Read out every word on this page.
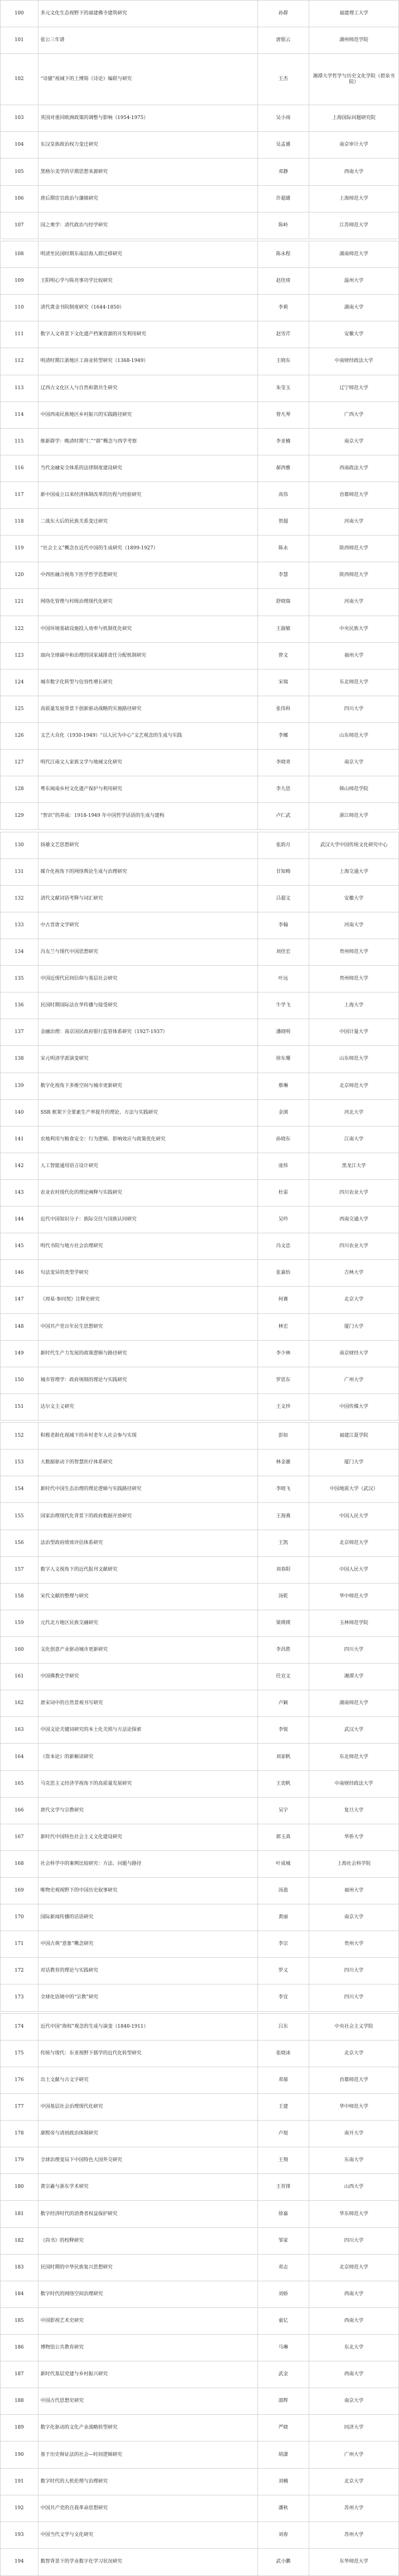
100	多元文化生态视野下的福建佛寺建筑研究	孙群	福建理工大学
101	张公三年谱	唐银云	湖州师范学院
102	“诗骚”视域下的上博简《诗论》编联与研究	王杰	湘潭大学哲学与历史文化学院（碧泉书院）
103	英国对重回欧洲政策的调整与影响（1954-1975）	吴小雨	上海国际问题研究院
104	东汉皇族政治权力变迁研究	吴孟雄	南京审计大学
105	黑格尔美学的早期思想来源研究	邓静	西南大学
106	唐后期宦官政治与藩镇研究	许超雄	上海师范大学
107	国之奥学：清代政治与经学研究	陈岭	江苏师范大学

108	明清至民国时期东南沿海人群迁移研究	陈永程	湖南师范大学
109	王阳明心学与陈亮事功学比较研究	赵佳琦	温州大学
110	清代黄金书院制度研究（1644-1850）	李莉	湖南大学
111	数字人文背景下文化遗产档案资源的开发利用研究	赵雪芹	安徽大学
112	明清时期江浙地区工商业转型研究（1368-1949）	王晓东	中南财经政法大学
113	辽西古文化区人与自然和谐共生研究	朱莹玉	辽宁师范大学
114	中国西南民族地区乡村振兴的实践路径研究	曾凡琴	广西大学
115	维新群学：晚清时期“仁”“群”概念与西学考察	李亚楠	南京大学
116	当代金融安全体系的法律制度建设研究	郝西雅	西南政法大学
117	新中国成立以来经济体制改革的历程与经验研究	高伟	首都师范大学
118	二战东大后的民族关系变迁研究	贺超	河南大学
119	“社会主义”概念在近代中国的生成研究（1899-1927）	陈永	陕西师范大学
120	中西医融合视角下医学哲学思想研究	李慧	陕西师范大学
121	网络化管理与村级治理现代化研究	舒晓瑞	河南大学
122	中国环境基础设施投入效率与机制优化研究	王淑敏	中央民族大学
123	面向全球碳中和治理的国家减排责任分配机制研究	曾文	福州大学
124	城市数字化转型与包容性增长研究	宋瑞	东北师范大学
125	高质量发展背景下创新驱动战略的实施路径研究	张伟科	四川大学
126	文艺大众化（1930-1949）“以人民为中心”文艺观念的生成与实践	李娜	山东师范大学
127	明代江南文人家族文学与地域文化研究	李晓青	南京大学
128	粤东闽南乡村文化遗产保护与利用研究	李九思	韩山师范学院
129	“智识”的养成：1918-1949 年中国哲学话语的生成与建构	卢仁武	浙江师范大学

130	扬雄文艺思想研究	张韵月	武汉大学中国传统文化研究中心
131	媒介化视角下的网络舆论生成与治理研究	甘知梅	上海交通大学
132	清代文献词语考释与词汇研究	吕超文	安徽大学
133	中古晋唐文学研究	李翰	河南大学
134	冯友兰与现代中国思想研究	刘佳宏	贵州师范大学
135	中国近现代民间信仰与基层社会研究	叶远	贵州师范大学
136	民国时期国际法在华传播与接受研究	牛学飞	上海大学
137	金融治理：南京国民政府银行监管体系研究（1927-1937）	潘晓明	中国计量大学
138	宋元明清学派演变研究	徐东珊	山东师范大学
139	数字化视角下多维空间与城市更新研究	蔡琳	北京师范大学
140	SSR 框架下全要素生产率提升的理论、方法与实践研究	金浏	河北大学
141	农地利用与粮食安全：行为逻辑、影响效应与政策优化研究	孙晓东	江南大学
142	人工智能通用语言设计研究	庞炜	黑龙江大学
143	农业农村现代化的理论阐释与实践研究	杜雷	四川农业大学
144	近代中国知识分子：族际交往与国族认同研究	吴吟	西南交通大学
145	明代书院与地方社会治理研究	冯文忠	四川农业大学
146	句法变异的类型学研究	张嘉怡	吉林大学
147	《周易·参同契》注释史研究	何赛	北京大学
148	中国共产党百年民生思想研究	林宏	厦门大学
149	新时代生产力发展的政策逻辑与路径研究	李少林	南京财经大学
150	城市管理学：政府规制的理论与实践研究	罗思东	广州大学
151	达尔文主义研究	王文珍	中国传媒大学

152	积极老龄化视域下的乡村老年人社会参与实现	彭如	福建江夏学院
153	大数据驱动下的智慧医疗体系研究	林金蕙	厦门大学
154	新时代中国生态治理的理论逻辑与实践路径研究	李晓飞	中国地质大学（武汉）
155	国家治理现代化背景下的政府数据开放研究	王海燕	中国人民大学
156	法治型政府绩效评估体系研究	王凯	北京师范大学
157	数字人文视角下的近代报刊文献研究	刘春阳	中国人民大学
158	宋代文献的整理与研究	汤乾	华中师范大学
159	元代北方地区民族交融研究	梁瑛瑛	玉林师范学院
160	文化创意产业驱动城市更新研究	李昌胜	四川大学
161	中国佛教史学研究	任宜文	湘潭大学
162	唐宋词中的自然景观书写研究	卢颖	湖南师范大学
163	中国文论关键词研究的本土化关照与方法论探索	李锐	武汉大学
164	《资本论》的新解读研究	刘家帆	东北师范大学
165	马克思主义经济学视角下的高质量发展研究	王奕帆	中南财经政法大学
166	唐代文学与宗教研究	吴宇	复旦大学
167	新时代中国特色社会主义文化建设研究	郭玉真	华侨大学
168	社会科学中的案例比较研究：方法、问题与路径	叶成城	上海社会科学院
169	唯物史观视野下的中国历史叙事研究	汤盈	福州大学
170	国际新闻传播的话语研究	黄丽	南京大学
171	中国古典“意象”概念研究	李宗	贵州大学
172	对话教育的理论与实践研究	罗义	四川大学
173	全球化语境中的“宗教”研究	李宜	四川大学

174	近代中国“海权”观念的生成与演变（1840-1911）	吕东	中央社会主义学院
175	传统与现代：东亚视野下儒学的近代化转型研究	张晓冰	北京大学
176	出土文献与古文字研究	邓郁	首都师范大学
177	中国基层社会治理现代化研究	王建	华中师范大学
178	康熙帝与清初政治体制研究	卢旭	南开大学
179	全球治理变局下中国特色大国外交研究	王翔	东南大学
180	黄宗羲与浙东学术研究	王育锋	山西大学
181	数字经济时代的消费者权益保护研究	徐嘉	华东师范大学
182	《尚书》的校释研究	邹家	四川大学
183	民国时期的中华民族复兴思想研究	邓志	北京师范大学
184	数字时代的网络空间治理研究	刘娇	西南大学
185	中国影视艺术史研究	童亿	西南大学
186	博物馆公共教育研究	马琳	东北大学
187	新时代基层党建与乡村振兴研究	武金	西南大学
188	中国古代思想史研究	邵辉	南京大学
189	数字化驱动的文化产业战略转型研究	严晓	同济大学
190	基于历史辩证法的社会—时间逻辑研究	胡潇	广州大学
191	数字时代的人机伦理与治理研究	刘楠	北京大学
192	中国共产党的自我革命思想研究	潘秋	苏州大学
193	中国当代文学与文化研究	刘春	苏州大学
194	数智背景下的学业数字化学习状况研究	武小鹏	东华师范大学
